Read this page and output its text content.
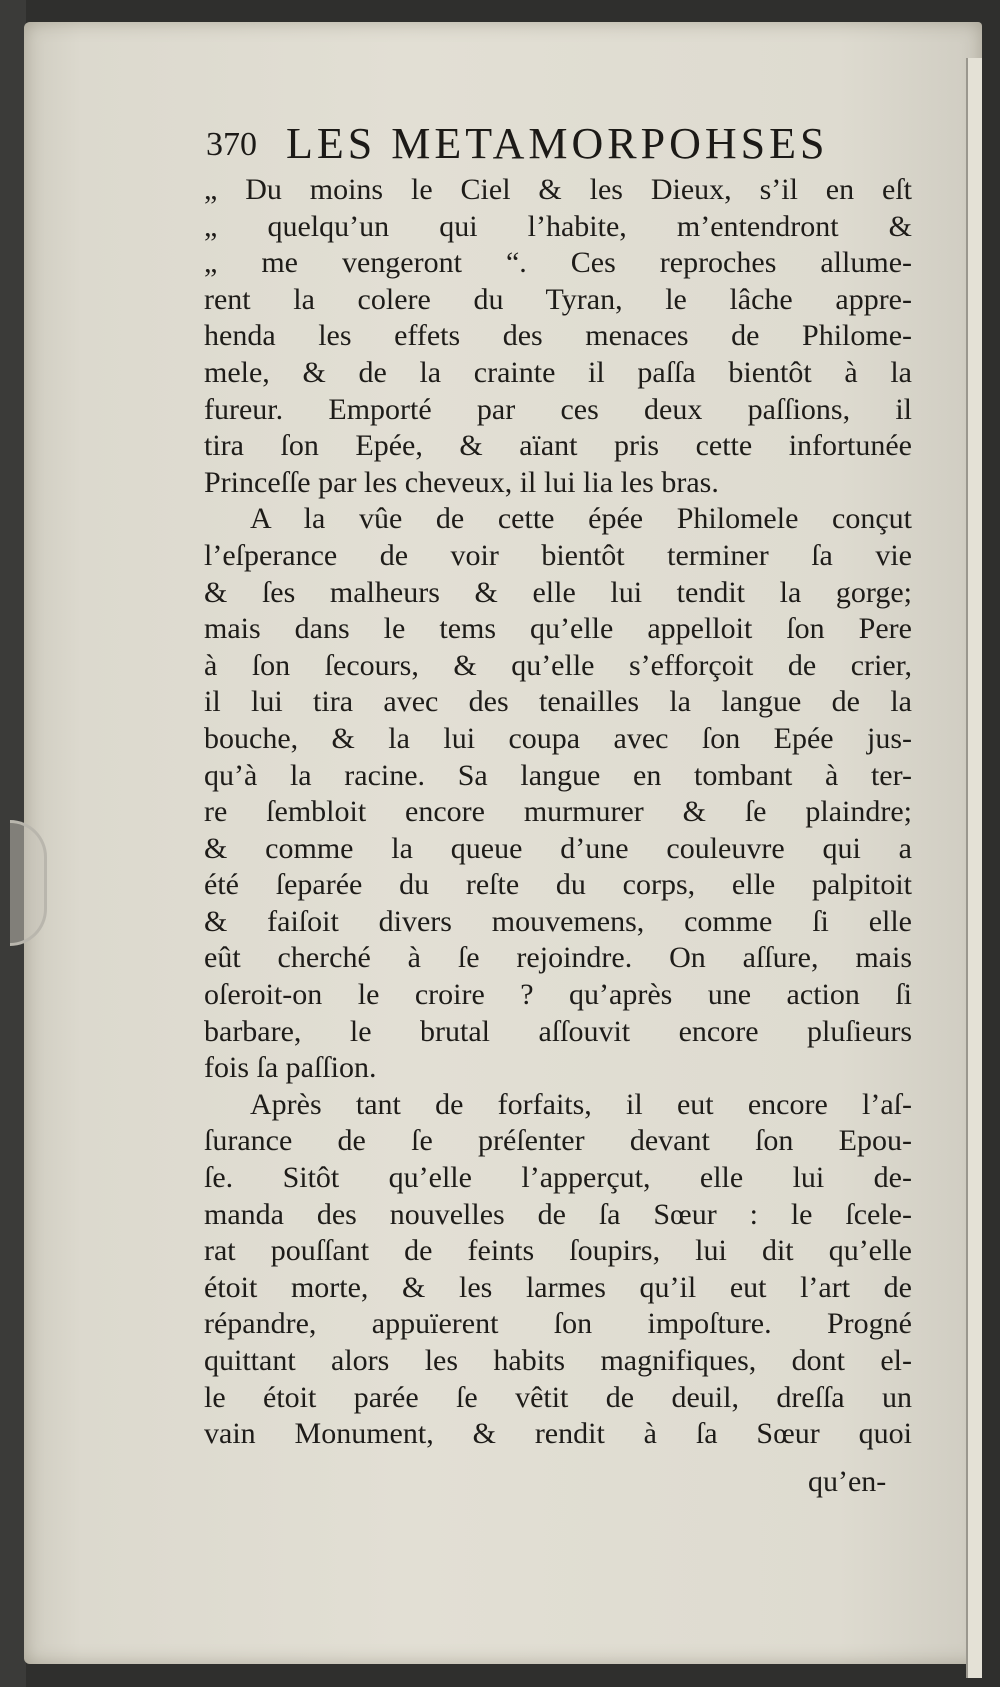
370 LES METAMORPOHSES
„ Du moins le Ciel & les Dieux, s’il en eſt
„ quelqu’un qui l’habite, m’entendront &
„ me vengeront “. Ces reproches allume-
rent la colere du Tyran, le lâche appre-
henda les effets des menaces de Philome-
mele, & de la crainte il paſſa bientôt à la
fureur. Emporté par ces deux paſſions, il
tira ſon Epée, & aïant pris cette infortunée
Princeſſe par les cheveux, il lui lia les bras.
A la vûe de cette épée Philomele conçut
l’eſperance de voir bientôt terminer ſa vie
& ſes malheurs & elle lui tendit la gorge;
mais dans le tems qu’elle appelloit ſon Pere
à ſon ſecours, & qu’elle s’efforçoit de crier,
il lui tira avec des tenailles la langue de la
bouche, & la lui coupa avec ſon Epée jus-
qu’à la racine. Sa langue en tombant à ter-
re ſembloit encore murmurer & ſe plaindre;
& comme la queue d’une couleuvre qui a
été ſeparée du reſte du corps, elle palpitoit
& faiſoit divers mouvemens, comme ſi elle
eût cherché à ſe rejoindre. On aſſure, mais
oſeroit-on le croire ? qu’après une action ſi
barbare, le brutal aſſouvit encore pluſieurs
fois ſa paſſion.
Après tant de forfaits, il eut encore l’aſ-
ſurance de ſe préſenter devant ſon Epou-
ſe. Sitôt qu’elle l’apperçut, elle lui de-
manda des nouvelles de ſa Sœur : le ſcele-
rat pouſſant de feints ſoupirs, lui dit qu’elle
étoit morte, & les larmes qu’il eut l’art de
répandre, appuïerent ſon impoſture. Progné
quittant alors les habits magnifiques, dont el-
le étoit parée ſe vêtit de deuil, dreſſa un
vain Monument, & rendit à ſa Sœur quoi
qu’en-
